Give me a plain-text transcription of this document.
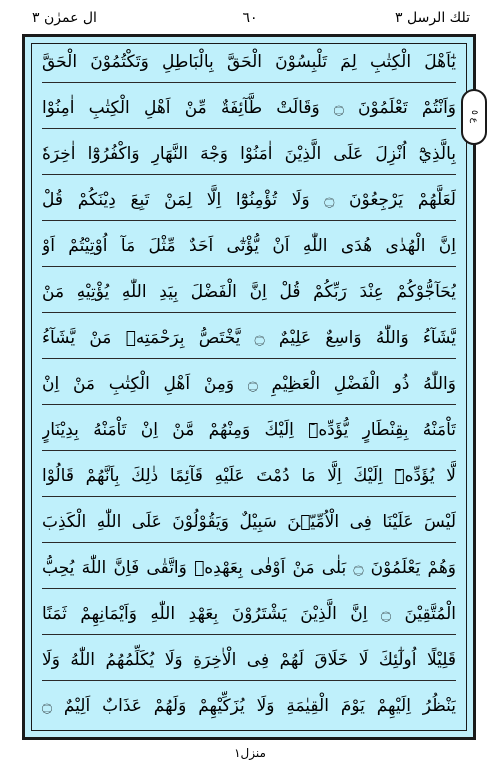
تلك الرسل ٣
٦٠
ال عمرٰن ٣
يٰٓاَهْلَ الْكِتٰبِ لِمَ تَلْبِسُوْنَ الْحَقَّ بِالْبَاطِلِ وَتَكْتُمُوْنَ الْحَقَّ
وَاَنْتُمْ تَعْلَمُوْنَ ۝ وَقَالَتْ طَّآئِفَةٌ مِّنْ اَهْلِ الْكِتٰبِ اٰمِنُوْا
بِالَّذِيْٓ اُنْزِلَ عَلَى الَّذِيْنَ اٰمَنُوْا وَجْهَ النَّهَارِ وَاكْفُرُوْٓا اٰخِرَهٗ
لَعَلَّهُمْ يَرْجِعُوْنَ ۝ وَلَا تُؤْمِنُوْٓا اِلَّا لِمَنْ تَبِعَ دِيْنَكُمْ قُلْ
اِنَّ الْهُدٰى هُدَى اللّٰهِ اَنْ يُّؤْتٰٓى اَحَدٌ مِّثْلَ مَآ اُوْتِيْتُمْ اَوْ
يُحَآجُّوْكُمْ عِنْدَ رَبِّكُمْ قُلْ اِنَّ الْفَضْلَ بِيَدِ اللّٰهِ يُؤْتِيْهِ مَنْ
يَّشَآءُ وَاللّٰهُ وَاسِعٌ عَلِيْمٌ ۝ يَّخْتَصُّ بِرَحْمَتِهٖ مَنْ يَّشَآءُ
وَاللّٰهُ ذُو الْفَضْلِ الْعَظِيْمِ ۝ وَمِنْ اَهْلِ الْكِتٰبِ مَنْ اِنْ
تَاْمَنْهُ بِقِنْطَارٍ يُّؤَدِّهٖٓ اِلَيْكَ وَمِنْهُمْ مَّنْ اِنْ تَاْمَنْهُ بِدِيْنَارٍ
لَّا يُؤَدِّهٖٓ اِلَيْكَ اِلَّا مَا دُمْتَ عَلَيْهِ قَآئِمًا ذٰلِكَ بِاَنَّهُمْ قَالُوْا
لَيْسَ عَلَيْنَا فِى الْاُمِّيّٖنَ سَبِيْلٌ وَيَقُوْلُوْنَ عَلَى اللّٰهِ الْكَذِبَ
وَهُمْ يَعْلَمُوْنَ ۝ بَلٰى مَنْ اَوْفٰى بِعَهْدِهٖ وَاتَّقٰى فَاِنَّ اللّٰهَ يُحِبُّ
الْمُتَّقِيْنَ ۝ اِنَّ الَّذِيْنَ يَشْتَرُوْنَ بِعَهْدِ اللّٰهِ وَاَيْمَانِهِمْ ثَمَنًا
قَلِيْلًا اُولٰٓئِكَ لَا خَلَاقَ لَهُمْ فِى الْاٰخِرَةِ وَلَا يُكَلِّمُهُمُ اللّٰهُ وَلَا
يَنْظُرُ اِلَيْهِمْ يَوْمَ الْقِيٰمَةِ وَلَا يُزَكِّيْهِمْ وَلَهُمْ عَذَابٌ اَلِيْمٌ ۝
ع ٥
منزل١
